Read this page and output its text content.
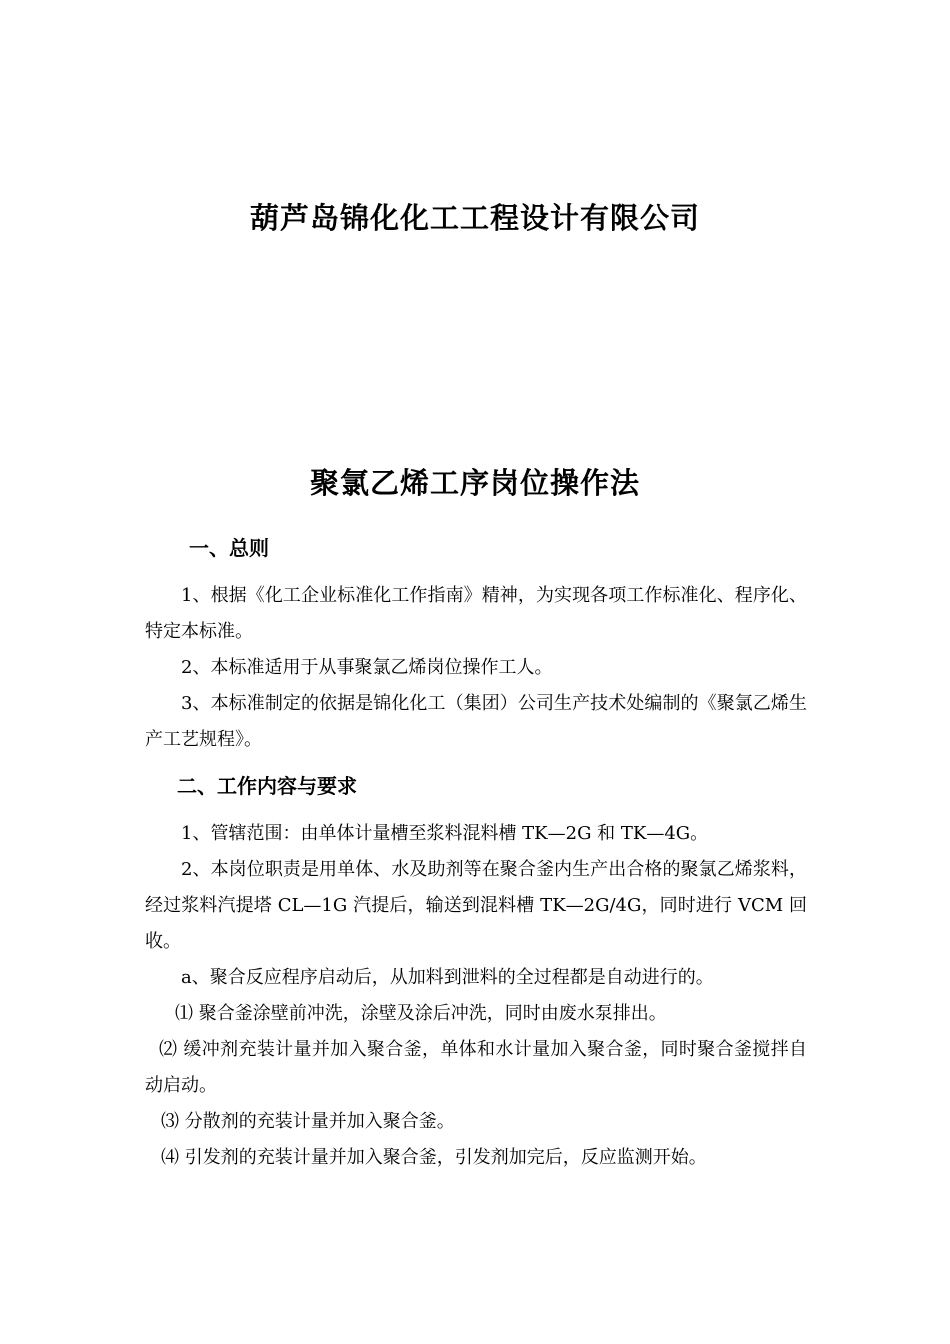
葫芦岛锦化化工工程设计有限公司
聚氯乙烯工序岗位操作法
一、总则

1、根据《化工企业标准化工作指南》精神，为实现各项工作标准化、程序化、特定本标准。

2、本标准适用于从事聚氯乙烯岗位操作工人。

3、本标准制定的依据是锦化化工（集团）公司生产技术处编制的《聚氯乙烯生产工艺规程》。

二、工作内容与要求

1、管辖范围：由单体计量槽至浆料混料槽 TK—2G 和 TK—4G。

2、本岗位职责是用单体、水及助剂等在聚合釜内生产出合格的聚氯乙烯浆料，经过浆料汽提塔 CL—1G 汽提后，输送到混料槽 TK—2G/4G，同时进行 VCM 回收。

a、聚合反应程序启动后，从加料到泄料的全过程都是自动进行的。

⑴ 聚合釜涂壁前冲洗，涂壁及涂后冲洗，同时由废水泵排出。

⑵ 缓冲剂充装计量并加入聚合釜，单体和水计量加入聚合釜，同时聚合釜搅拌自动启动。

⑶ 分散剂的充装计量并加入聚合釜。

⑷ 引发剂的充装计量并加入聚合釜，引发剂加完后，反应监测开始。
